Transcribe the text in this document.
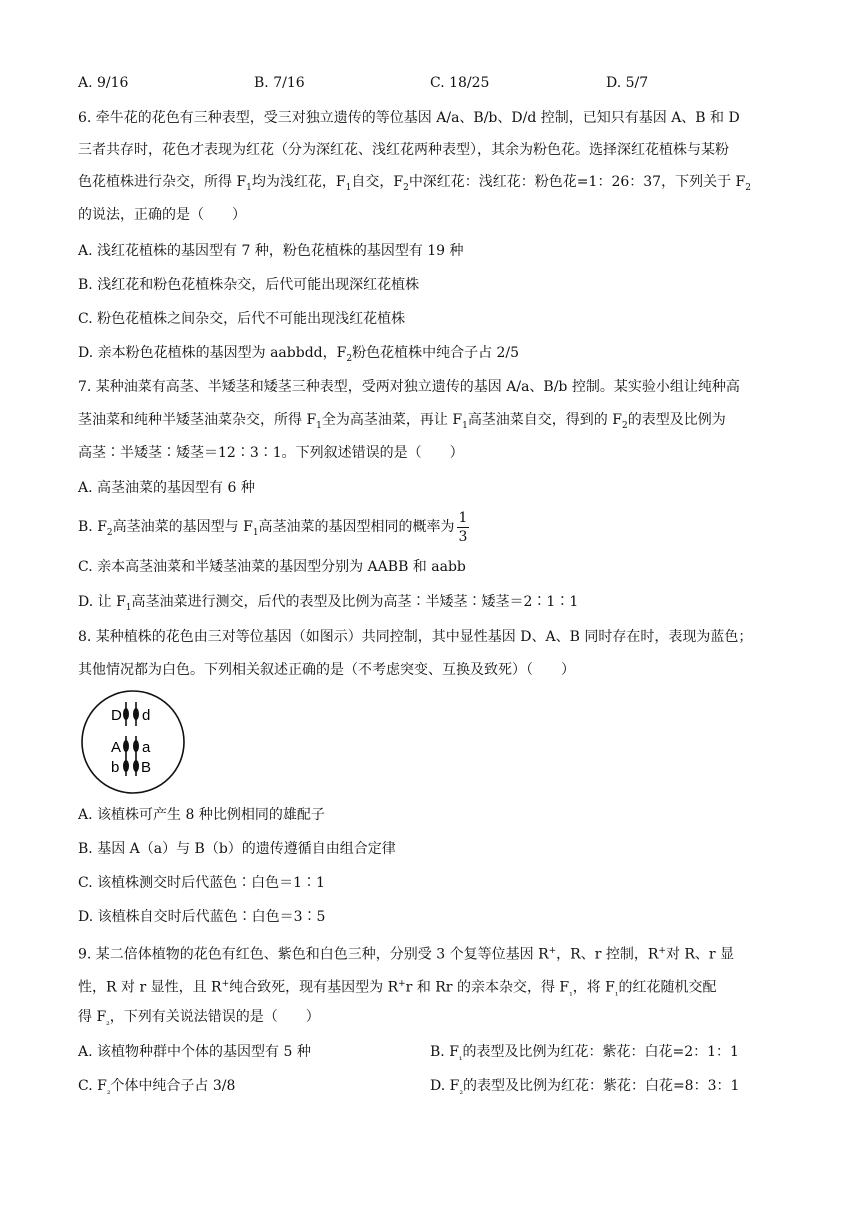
A. 9/16	B. 7/16	C. 18/25	D. 5/7
6. 牵牛花的花色有三种表型，受三对独立遗传的等位基因 A/a、B/b、D/d 控制，已知只有基因 A、B 和 D
三者共存时，花色才表现为红花（分为深红花、浅红花两种表型），其余为粉色花。选择深红花植株与某粉
色花植株进行杂交，所得 $F_1$均为浅红花，$F_1$自交，$F_2$中深红花：浅红花：粉色花=1：26：37，下列关于 $F_2$
的说法，正确的是（　　）
A. 浅红花植株的基因型有 7 种，粉色花植株的基因型有 19 种
B. 浅红花和粉色花植株杂交，后代可能出现深红花植株
C. 粉色花植株之间杂交，后代不可能出现浅红花植株
D. 亲本粉色花植株的基因型为 aabbdd，$F_2$粉色花植株中纯合子占 2/5
7. 某种油菜有高茎、半矮茎和矮茎三种表型，受两对独立遗传的基因 A/a、B/b 控制。某实验小组让纯种高
茎油菜和纯种半矮茎油菜杂交，所得 $F_1$全为高茎油菜，再让 $F_1$高茎油菜自交，得到的 $F_2$的表型及比例为
高茎∶半矮茎∶矮茎＝12∶3∶1。下列叙述错误的是（　　）
A. 高茎油菜的基因型有 6 种
B. $F_2$高茎油菜的基因型与 $F_1$高茎油菜的基因型相同的概率为 $\frac{1}{3}$
C. 亲本高茎油菜和半矮茎油菜的基因型分别为 AABB 和 aabb
D. 让 $F_1$高茎油菜进行测交，后代的表型及比例为高茎∶半矮茎∶矮茎＝2∶1∶1
8. 某种植株的花色由三对等位基因（如图示）共同控制，其中显性基因 D、A、B 同时存在时，表现为蓝色；
其他情况都为白色。下列相关叙述正确的是（不考虑突变、互换及致死）（　　）
D d
A a
b B
A. 该植株可产生 8 种比例相同的雄配子
B. 基因 A（a）与 B（b）的遗传遵循自由组合定律
C. 该植株测交时后代蓝色∶白色＝1∶1
D. 该植株自交时后代蓝色∶白色＝3∶5
9. 某二倍体植物的花色有红色、紫色和白色三种，分别受 3 个复等位基因 R+，R、r 控制，R+对 R、r 显
性，R 对 r 显性，且 R+纯合致死，现有基因型为 R+r 和 Rr 的亲本杂交，得 $F_{_1}$，将 $F_{_1}$的红花随机交配
得 $F_{_2}$，下列有关说法错误的是（　　）
A. 该植物种群中个体的基因型有 5 种	B. $F_{_1}$的表型及比例为红花：紫花：白花=2：1：1
C. $F_{_2}$个体中纯合子占 3/8	D. $F_{_2}$的表型及比例为红花：紫花：白花=8：3：1
